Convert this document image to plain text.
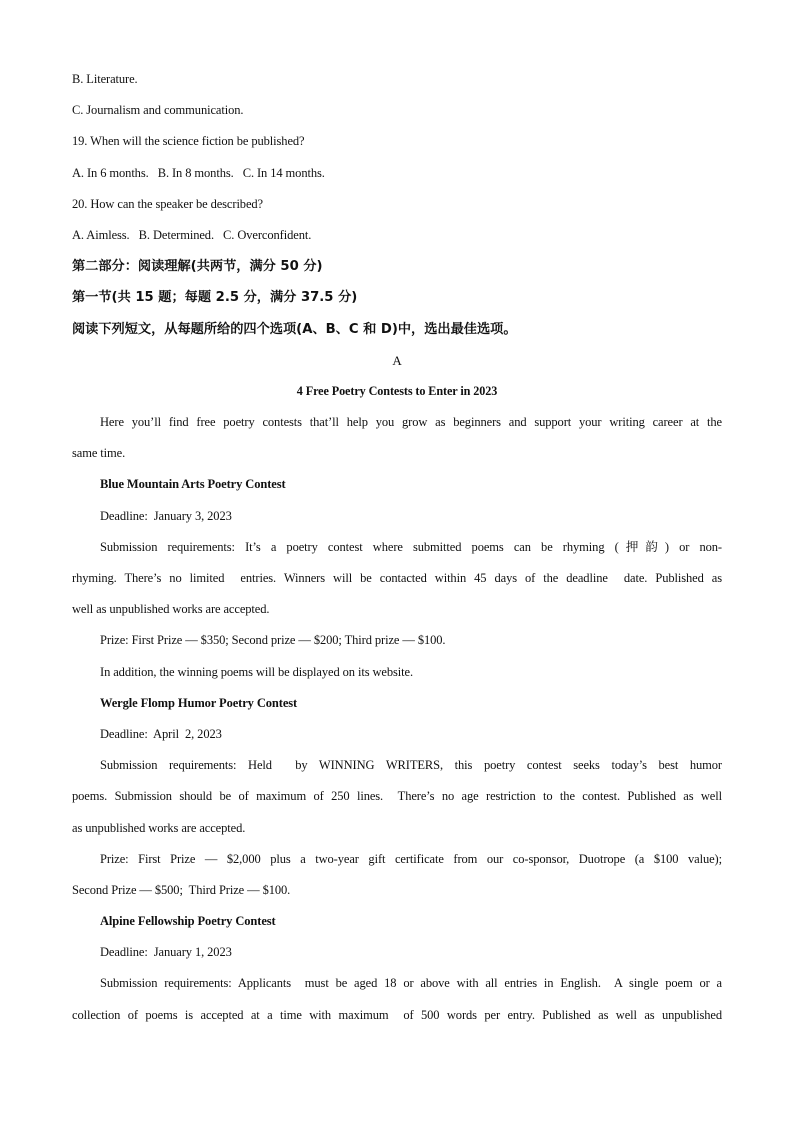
B. Literature.
C. Journalism and communication.
19. When will the science fiction be published?
A. In 6 months.   B. In 8 months.   C. In 14 months.
20. How can the speaker be described?
A. Aimless.   B. Determined.   C. Overconfident.
第二部分：阅读理解(共两节，满分 50 分)
第一节(共 15 题；每题 2.5 分，满分 37.5 分)
阅读下列短文，从每题所给的四个选项(A、B、C 和 D)中，选出最佳选项。
A
4 Free Poetry Contests to Enter in 2023
Here you’ll find free poetry contests that’ll help you grow as beginners and support your writing career at the
same time.
Blue Mountain Arts Poetry Contest
Deadline:  January 3, 2023
Submission requirements: It’s a poetry contest where submitted poems can be rhyming (押韵) or non-
rhyming. There’s no limited  entries. Winners will be contacted within 45 days of the deadline  date. Published as
well as unpublished works are accepted.
Prize: First Prize — $350; Second prize — $200; Third prize — $100.
In addition, the winning poems will be displayed on its website.
Wergle Flomp Humor Poetry Contest
Deadline:  April  2, 2023
Submission requirements: Held  by WINNING WRITERS, this poetry contest seeks today’s best humor
poems. Submission should be of maximum of 250 lines.  There’s no age restriction to the contest. Published as well
as unpublished works are accepted.
Prize: First Prize — $2,000 plus a two-year gift certificate from our co-sponsor, Duotrope (a $100 value);
Second Prize — $500;  Third Prize — $100.
Alpine Fellowship Poetry Contest
Deadline:  January 1, 2023
Submission requirements: Applicants  must be aged 18 or above with all entries in English.  A single poem or a
collection of poems is accepted at a time with maximum  of 500 words per entry. Published as well as unpublished
